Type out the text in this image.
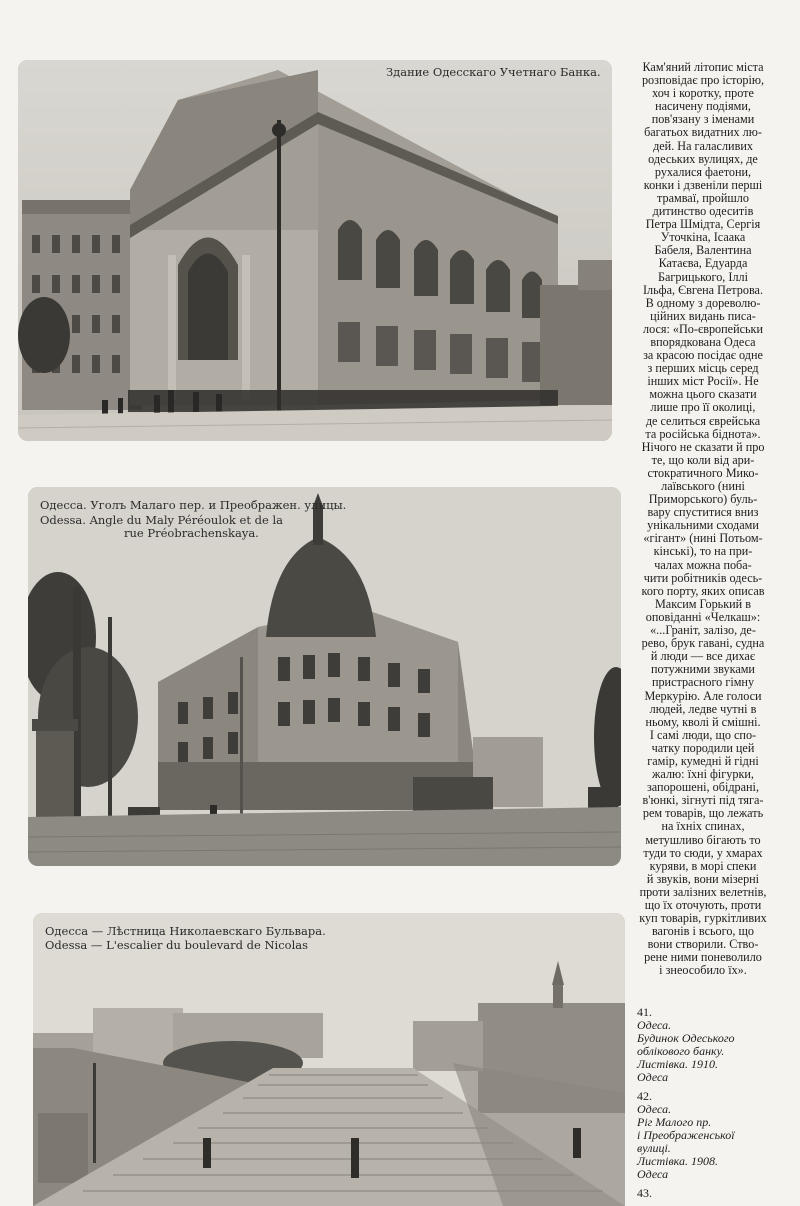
Здание Одесскаго Учетнаго Банка.
Одесса. Уголъ Малаго пер. и Преображен. улицы.
Odessa. Angle du Maly Péréoulok et de la
rue Préobrachenskaya.
Одесса — Лѣстница Николаевскаго Бульвара.
Odessa — L'escalier du boulevard de Nicolas
Кам'яний літопис міста
розповідає про історію,
хоч і коротку, проте
насичену подіями,
пов'язану з іменами
багатьох видатних лю-
дей. На галасливих
одеських вулицях, де
рухалися фаетони,
конки і дзвеніли перші
трамваї, пройшло
дитинство одеситів
Петра Шмідта, Сергія
Уточкіна, Ісаака
Бабеля, Валентина
Катаєва, Едуарда
Багрицького, Іллі
Ільфа, Євгена Петрова.
В одному з дореволю-
ційних видань писа-
лося: «По-європейськи
впорядкована Одеса
за красою посідає одне
з перших місць серед
інших міст Росії». Не
можна цього сказати
лише про її околиці,
де селиться єврейська
та російська біднота».
Нічого не сказати й про
те, що коли від ари-
стократичного Мико-
лаївського (нині
Приморського) буль-
вару спуститися вниз
унікальними сходами
«гігант» (нині Потьом-
кінські), то на при-
чалах можна поба-
чити робітників одесь-
кого порту, яких описав
Максим Горький в
оповіданні «Челкаш»:
«...Граніт, залізо, де-
рево, брук гавані, судна
й люди — все дихає
потужними звуками
пристрасного гімну
Меркурію. Але голоси
людей, ледве чутні в
ньому, кволі й смішні.
І самі люди, що спо-
чатку породили цей
гамір, кумедні й гідні
жалю: їхні фігурки,
запорошені, обідрані,
в'юнкі, зігнуті під тяга-
рем товарів, що лежать
на їхніх спинах,
метушливо бігають то
туди то сюди, у хмарах
куряви, в морі спеки
й звуків, вони мізерні
проти залізних велетнів,
що їх оточують, проти
куп товарів, гуркітливих
вагонів і всього, що
вони створили. Ство-
рене ними поневолило
і знеособило їх».
41.
Одеса.
Будинок Одеського
облікового банку.
Листівка. 1910.
Одеса
42.
Одеса.
Ріг Малого пр.
і Преображенської
вулиці.
Листівка. 1908.
Одеса
43.
